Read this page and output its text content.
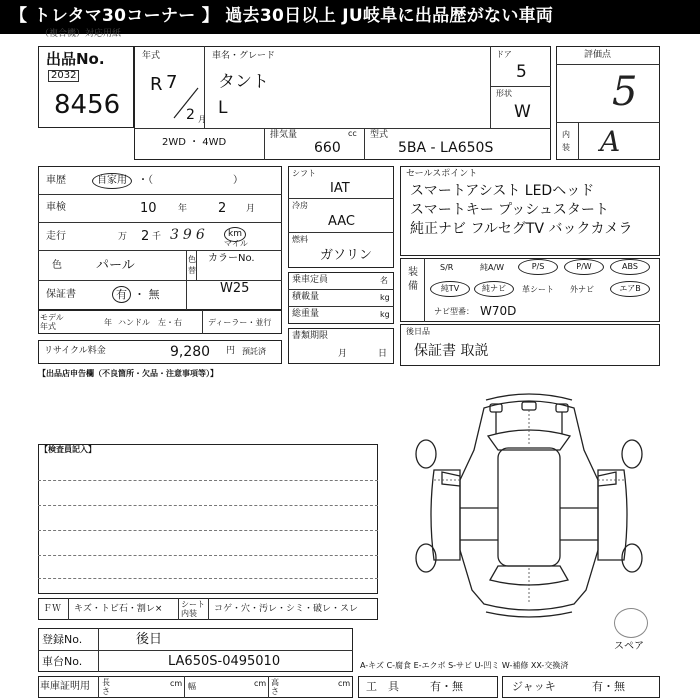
【 トレタマ30コーナー 】 過去30日以上 JU岐阜に出品歴がない車両
（複合機）対応用紙
出品No.
2032
8456
年式
R 7
2 月
車名・グレード
タント
L
ドア
5
形状
W
2WD ・ 4WD
排気量	cc
660
型式
5BA - LA650S
評価点
5
内装 A
車歴	自家用	・（　　　　　　　　）
車検	10 年 2 月
走行	万 2 千 396	km
マイル
色	パール	色替
カラーNo.
W25
保証書	有 ・ 無
モデル年式	年 ハンドル 左・右	ディーラー・並行
リサイクル料金	9,280 円 預託済
シフト
IAT
冷房
AAC
燃料
ガソリン
乗車定員	名
積載量	kg
総重量	kg
書類期限
月	日
セールスポイント
スマートアシスト LEDヘッド
スマートキー プッシュスタート
純正ナビ フルセグTV バックカメラ
装備
S/R	純A/W	P/S	P/W	ABS
純TV	純ナビ	革シート 外ナビ	エアB
ナビ型番： W70D
後日品
保証書 取説
【出品店申告欄（不良箇所・欠品・注意事項等）】
【検査員記入】
ＦＷ キズ・トビ石・割レ× シート内装	コゲ・穴・汚レ・シミ・破レ・スレ
登録No.	後日
車台No.	LA650S-0495010
車庫証明用 長さ
cm 幅	cm 高さ
cm
スペア
A-キズ C-腐食 E-エクボ S-サビ U-凹ミ W-補修 XX-交換済
工　具	有・無	ジャッキ	有・無
